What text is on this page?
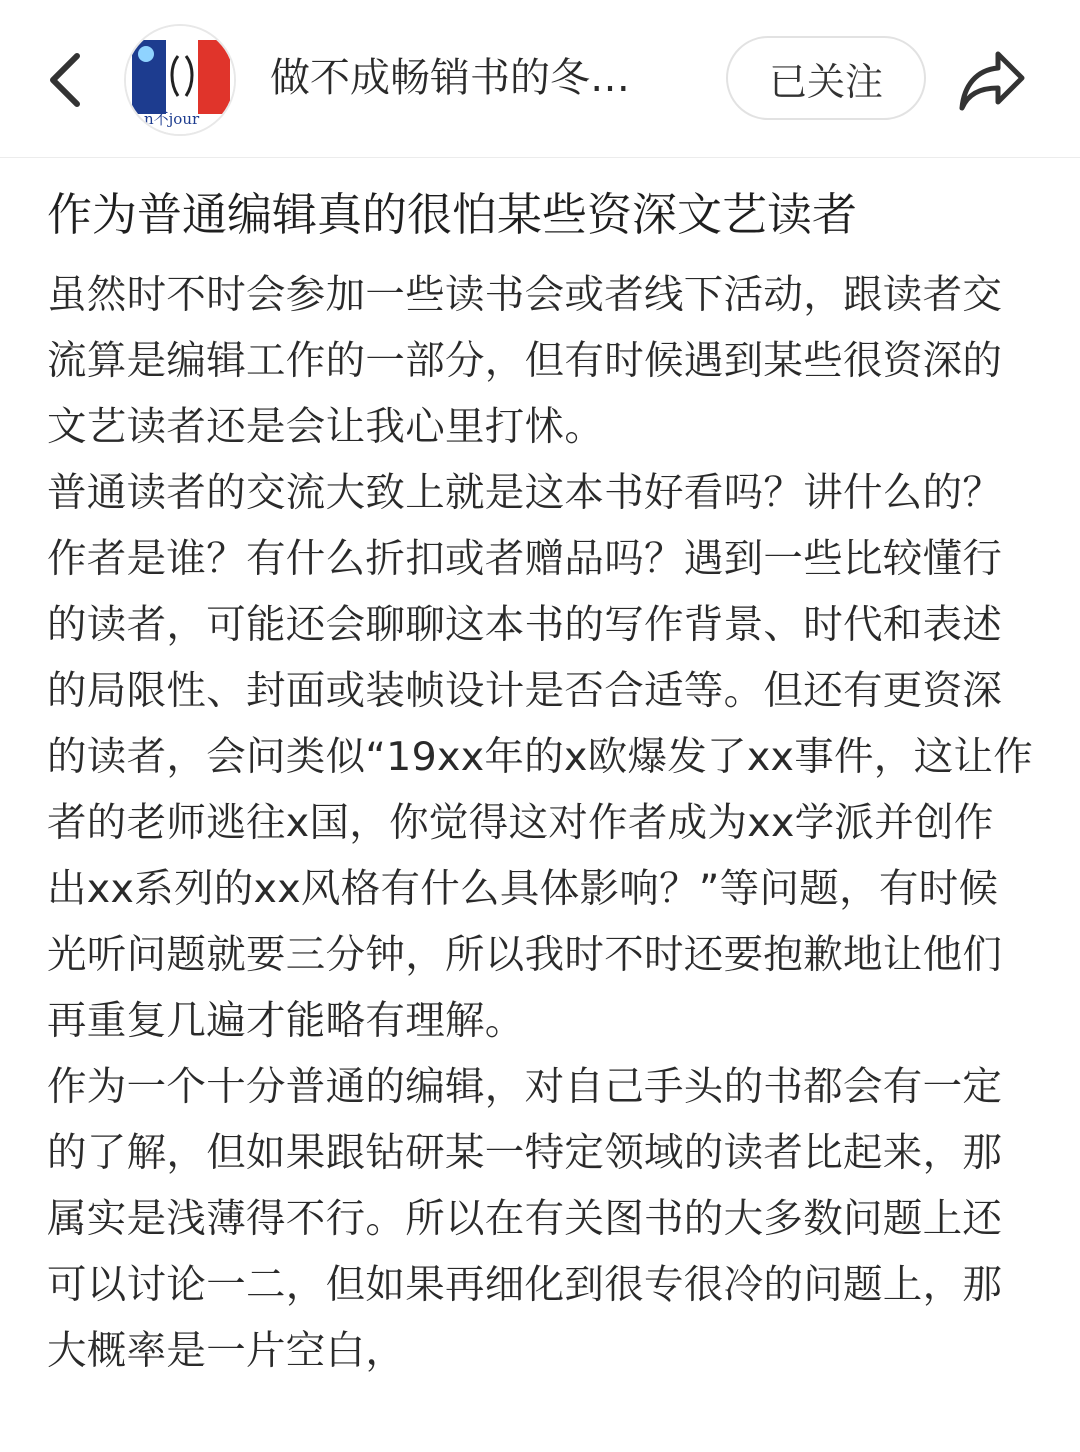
n不jour
做不成畅销书的冬…	已关注
作为普通编辑真的很怕某些资深文艺读者

虽然时不时会参加一些读书会或者线下活动，跟读者交流算是编辑工作的一部分，但有时候遇到某些很资深的文艺读者还是会让我心里打怵。

普通读者的交流大致上就是这本书好看吗？讲什么的？作者是谁？有什么折扣或者赠品吗？遇到一些比较懂行的读者，可能还会聊聊这本书的写作背景、时代和表述的局限性、封面或装帧设计是否合适等。但还有更资深的读者，会问类似“19xx年的x欧爆发了xx事件，这让作者的老师逃往x国，你觉得这对作者成为xx学派并创作出xx系列的xx风格有什么具体影响？”等问题，有时候光听问题就要三分钟，所以我时不时还要抱歉地让他们再重复几遍才能略有理解。

作为一个十分普通的编辑，对自己手头的书都会有一定的了解，但如果跟钻研某一特定领域的读者比起来，那属实是浅薄得不行。所以在有关图书的大多数问题上还可以讨论一二，但如果再细化到很专很冷的问题上，那大概率是一片空白，
